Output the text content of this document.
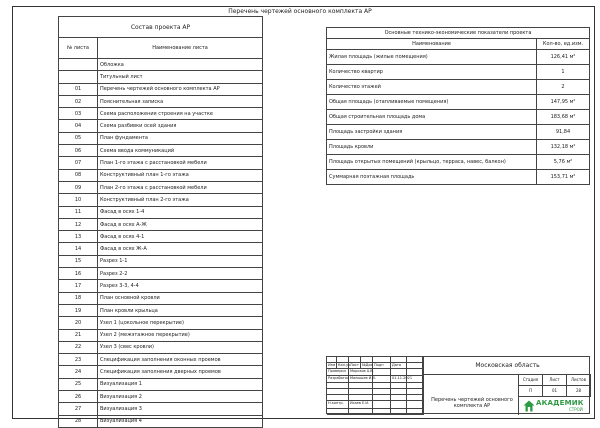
Перечень чертежей основного комплекта АР
Состав проекта АР	
№ листа	Наименование листа
	Обложка
	Титульный лист
01	Перечень чертежей основного комплекта АР
02	Пояснительная записка
03	Схема расположения строения на участке
04	Схема разбивки осей здания
05	План фундамента
06	Схема ввода коммуникаций
07	План 1-го этажа с расстановкой мебели
08	Конструктивный план 1-го этажа
09	План 2-го этажа с расстановкой мебели
10	Конструктивный план 2-го этажа
11	Фасад в осях 1-4
12	Фасад в осях А-Ж
13	Фасад в осях 4-1
14	Фасад в осях Ж-А
15	Разрез 1-1
16	Разрез 2-2
17	Разрез 3-3, 4-4
18	План основной кровли
19	План кровли крыльца
20	Узел 1 (цокольное перекрытие)
21	Узел 2 (межэтажное перекрытие)
22	Узел 3 (свес кровли)
23	Спецификация заполнения оконных проемов
24	Спецификация заполнения дверных проемов
25	Визуализация 1
26	Визуализация 2
27	Визуализация 3
28	Визуализация 4
Основные технико-экономические показатели проекта	
Наименование	Кол-во, ед.изм.
Жилая площадь (жилые помещения)	126,41 м²
Количество квартир	1
Количество этажей	2
Общая площадь (отапливаемые помещения)	147,95 м²
Общая строительная площадь дома	183,68 м²
Площадь застройки здания	91,84
Площадь кровли	132,18 м²
Площадь открытых помещений (крыльцо, терраса, навес, балкон)	5,76 м²
Суммарная поэтажная площадь	153,71 м²
Изм Кол.уч Лист №Док Подп	Дата
Проверил	Морозов А.В.
Разработал Малышев И.В.	01.11.2021
Н.контр.	Исаев Е.И.
Московская область
Перечень чертежей основного комплекта АР
Стадия	Лист	Листов
П	01	28
АКАДЕМИК
СТРОЙ
